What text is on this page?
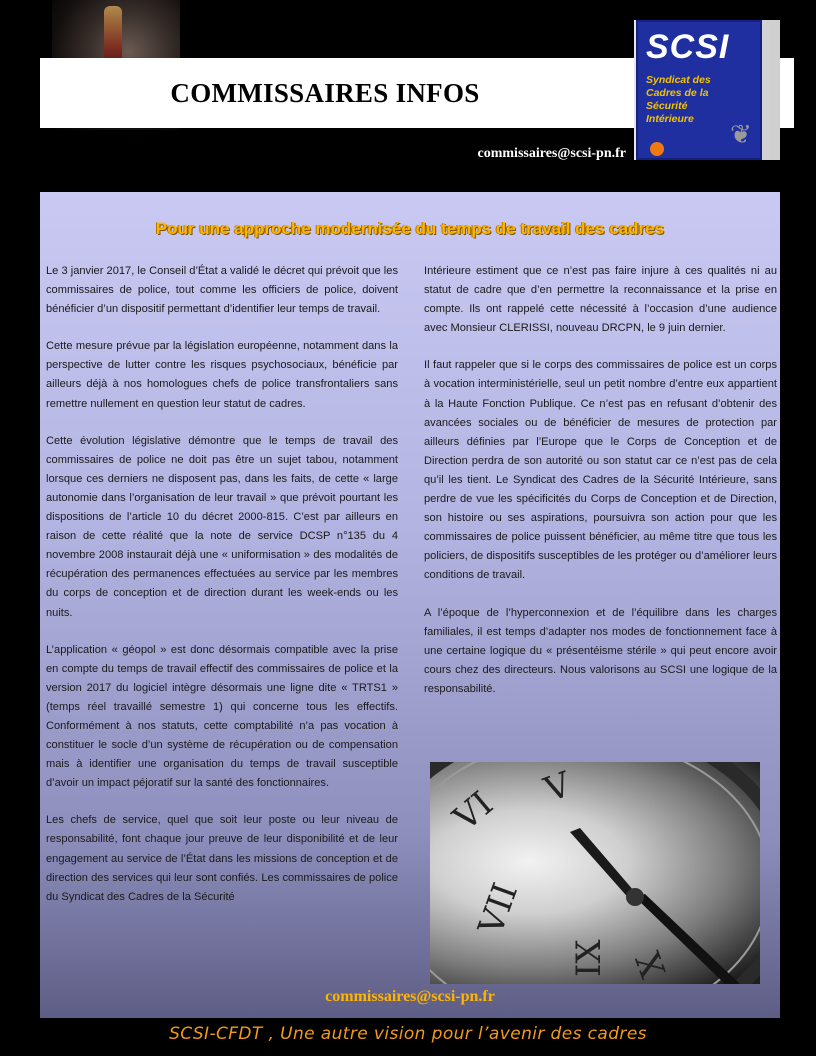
COMMISSAIRES INFOS
SCSI
Syndicat des
Cadres de la
Sécurité
Intérieure	❦
commissaires@scsi-pn.fr
Pour une approche modernisée du temps de travail des cadres

Le 3 janvier 2017, le Conseil d’État a validé le décret qui prévoit que les commissaires de police, tout comme les officiers de police, doivent bénéficier d’un dispositif permettant d’identifier leur temps de travail.

Cette mesure prévue par la législation européenne, notamment dans la perspective de lutter contre les risques psychosociaux, bénéficie par ailleurs déjà à nos homologues chefs de police transfrontaliers sans remettre nullement en question leur statut de cadres.

Cette évolution législative démontre que le temps de travail des commissaires de police ne doit pas être un sujet tabou, notamment lorsque ces derniers ne disposent pas, dans les faits, de cette « large autonomie dans l’organisation de leur travail » que prévoit pourtant les dispositions de l’article 10 du décret 2000-815. C’est par ailleurs en raison de cette réalité que la note de service DCSP n°135 du 4 novembre 2008 instaurait déjà une « uniformisation » des modalités de récupération des permanences effectuées au service par les membres du corps de conception et de direction durant les week-ends ou les nuits.

L’application « géopol » est donc désormais compatible avec la prise en compte du temps de travail effectif des commissaires de police et la version 2017 du logiciel intègre désormais une ligne dite « TRTS1 » (temps réel travaillé semestre 1) qui concerne tous les effectifs. Conformément à nos statuts, cette comptabilité n’a pas vocation à constituer le socle d’un système de récupération ou de compensation mais à identifier une organisation du temps de travail susceptible d’avoir un impact péjoratif sur la santé des fonctionnaires.

Les chefs de service, quel que soit leur poste ou leur niveau de responsabilité, font chaque jour preuve de leur disponibilité et de leur engagement au service de l’État dans les missions de conception et de direction des services qui leur sont confiés. Les commissaires de police du Syndicat des Cadres de la Sécurité

Intérieure estiment que ce n’est pas faire injure à ces qualités ni au statut de cadre que d’en permettre la reconnaissance et la prise en compte. Ils ont rappelé cette nécessité à l’occasion d’une audience avec Monsieur CLERISSI, nouveau DRCPN, le 9 juin dernier.

Il faut rappeler que si le corps des commissaires de police est un corps à vocation interministérielle, seul un petit nombre d’entre eux appartient à la Haute Fonction Publique. Ce n’est pas en refusant d’obtenir des avancées sociales ou de bénéficier de mesures de protection par ailleurs définies par l’Europe que le Corps de Conception et de Direction perdra de son autorité ou son statut car ce n’est pas de cela qu’il les tient. Le Syndicat des Cadres de la Sécurité Intérieure, sans perdre de vue les spécificités du Corps de Conception et de Direction, son histoire ou ses aspirations, poursuivra son action pour que les commissaires de police puissent bénéficier, au même titre que tous les policiers, de dispositifs susceptibles de les protéger ou d’améliorer leurs conditions de travail.

A l’époque de l’hyperconnexion et de l’équilibre dans les charges familiales, il est temps d’adapter nos modes de fonctionnement face à une certaine logique du « présentéisme stérile » qui peut encore avoir cours chez des directeurs. Nous valorisons au SCSI une logique de la responsabilité.

V
VI
VII
IX X
commissaires@scsi-pn.fr
SCSI-CFDT , Une autre vision pour l’avenir des cadres
